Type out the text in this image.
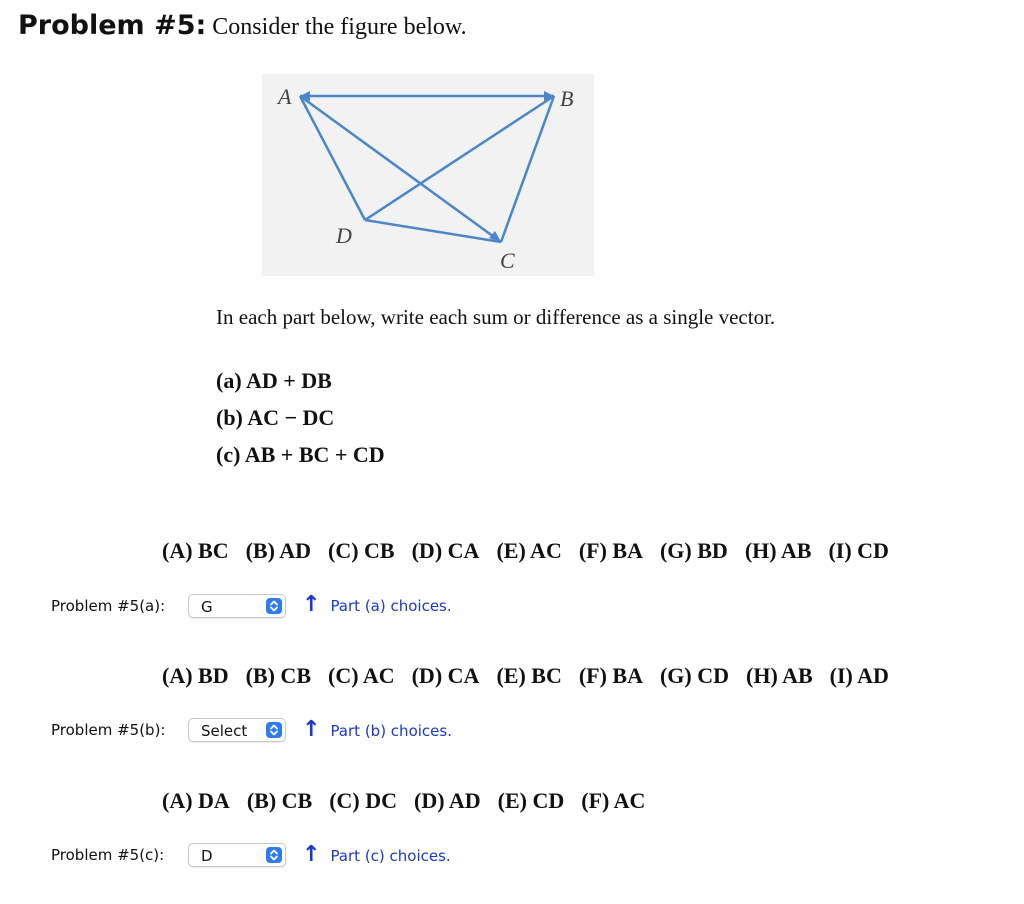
Problem #5: Consider the figure below.
A	B
C
D
In each part below, write each sum or difference as a single vector.
(a) AD + DB
(b) AC − DC
(c) AB + BC + CD
(A) BC (B) AD (C) CB (D) CA (E) AC (F) BA (G) BD (H) AB (I) CD
Problem #5(a): G	↑ Part (a) choices.
(A) BD (B) CB (C) AC (D) CA (E) BC (F) BA (G) CD (H) AB (I) AD
Problem #5(b): Select ↑ Part (b) choices.
(A) DA (B) CB (C) DC (D) AD (E) CD (F) AC
Problem #5(c): D	↑ Part (c) choices.
